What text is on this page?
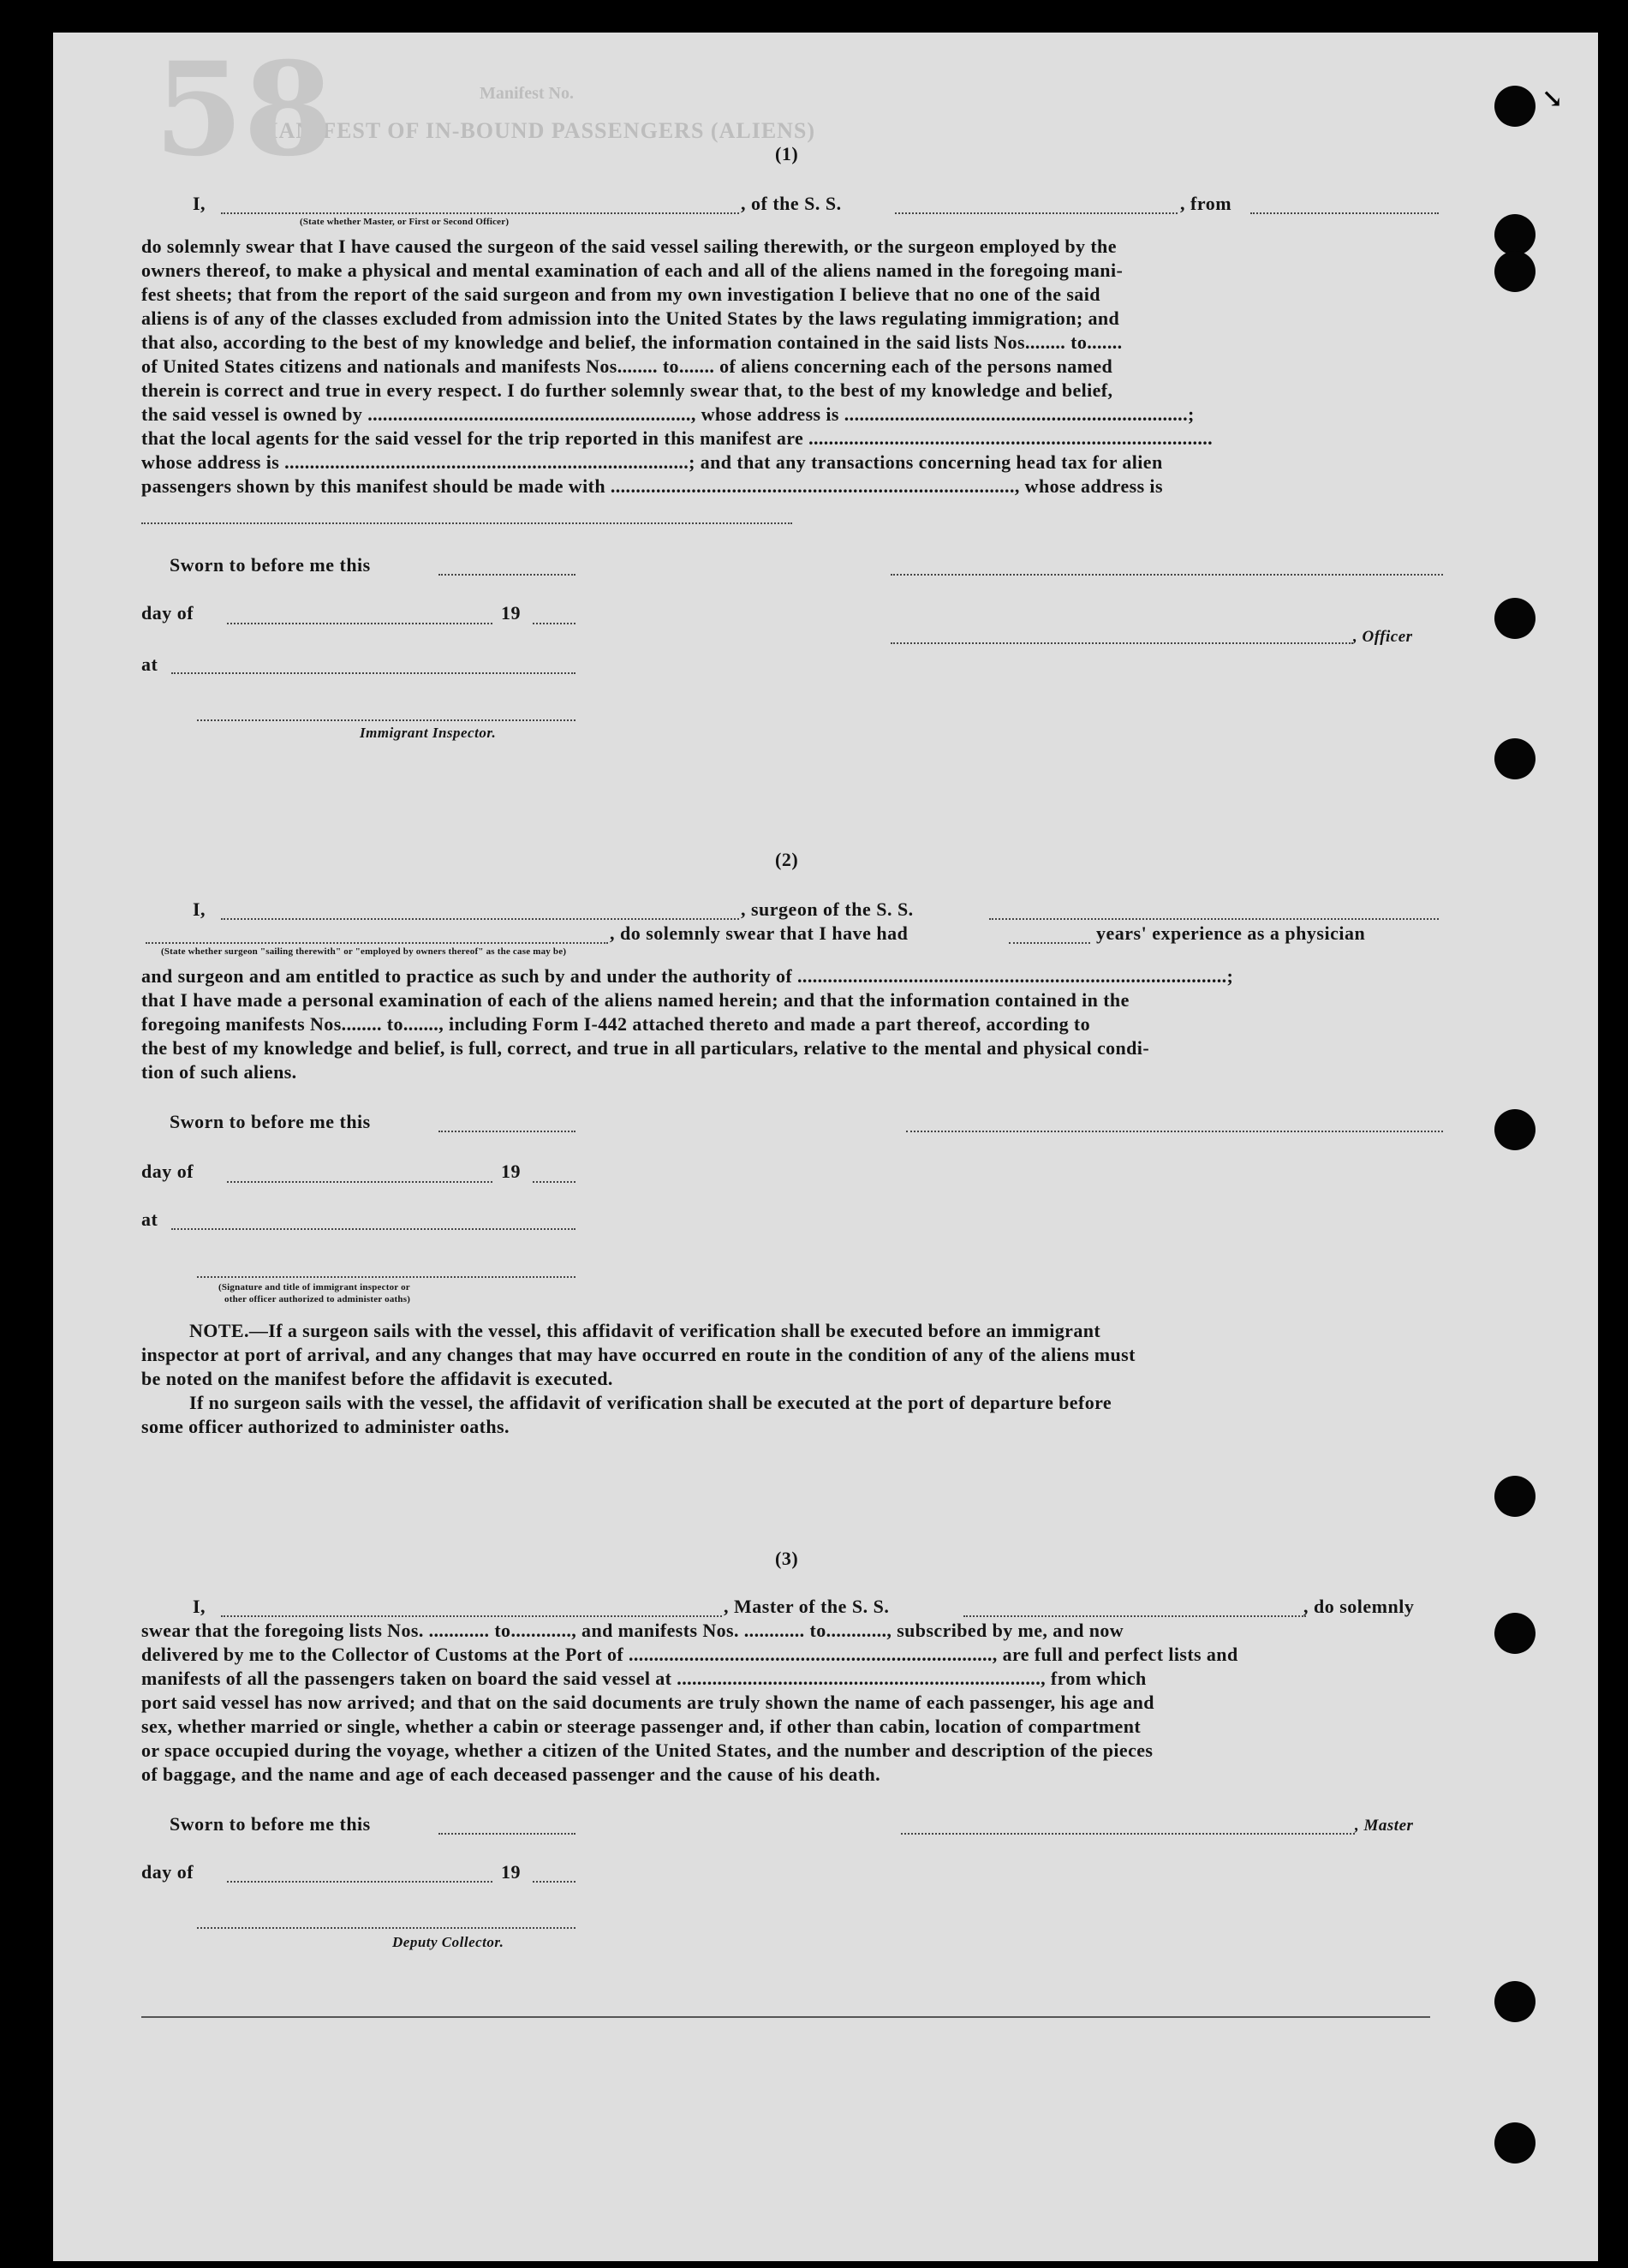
Manifest No.
MANIFEST OF IN-BOUND PASSENGERS (ALIENS)
58	↘
(1)
I,	, of the S. S.	, from
(State whether Master, or First or Second Officer)
do solemnly swear that I have caused the surgeon of the said vessel sailing therewith, or the surgeon employed by the
owners thereof, to make a physical and mental examination of each and all of the aliens named in the foregoing mani-
fest sheets; that from the report of the said surgeon and from my own investigation I believe that no one of the said
aliens is of any of the classes excluded from admission into the United States by the laws regulating immigration; and
that also, according to the best of my knowledge and belief, the information contained in the said lists Nos........ to.......
of United States citizens and nationals and manifests Nos........ to....... of aliens concerning each of the persons named
therein is correct and true in every respect. I do further solemnly swear that, to the best of my knowledge and belief,
the said vessel is owned by ................................................................, whose address is ....................................................................;
that the local agents for the said vessel for the trip reported in this manifest are ................................................................................
whose address is ................................................................................; and that any transactions concerning head tax for alien
passengers shown by this manifest should be made with ................................................................................, whose address is
Sworn to before me this
day of	19
, Officer
at
Immigrant Inspector.
(2)
I,	, surgeon of the S. S.
, do solemnly swear that I have had	years' experience as a physician
(State whether surgeon "sailing therewith" or "employed by owners thereof" as the case may be)
and surgeon and am entitled to practice as such by and under the authority of .....................................................................................;
that I have made a personal examination of each of the aliens named herein; and that the information contained in the
foregoing manifests Nos........ to......., including Form I-442 attached thereto and made a part thereof, according to
the best of my knowledge and belief, is full, correct, and true in all particulars, relative to the mental and physical condi-
tion of such aliens.
Sworn to before me this
day of	19
at
(Signature and title of immigrant inspector or
other officer authorized to administer oaths)
NOTE.—If a surgeon sails with the vessel, this affidavit of verification shall be executed before an immigrant
inspector at port of arrival, and any changes that may have occurred en route in the condition of any of the aliens must
be noted on the manifest before the affidavit is executed.
If no surgeon sails with the vessel, the affidavit of verification shall be executed at the port of departure before
some officer authorized to administer oaths.
(3)
I,	, Master of the S. S.	, do solemnly
swear that the foregoing lists Nos. ............ to............, and manifests Nos. ............ to............, subscribed by me, and now
delivered by me to the Collector of Customs at the Port of ........................................................................, are full and perfect lists and
manifests of all the passengers taken on board the said vessel at ........................................................................, from which
port said vessel has now arrived; and that on the said documents are truly shown the name of each passenger, his age and
sex, whether married or single, whether a cabin or steerage passenger and, if other than cabin, location of compartment
or space occupied during the voyage, whether a citizen of the United States, and the number and description of the pieces
of baggage, and the name and age of each deceased passenger and the cause of his death.
Sworn to before me this	, Master
day of	19
Deputy Collector.
